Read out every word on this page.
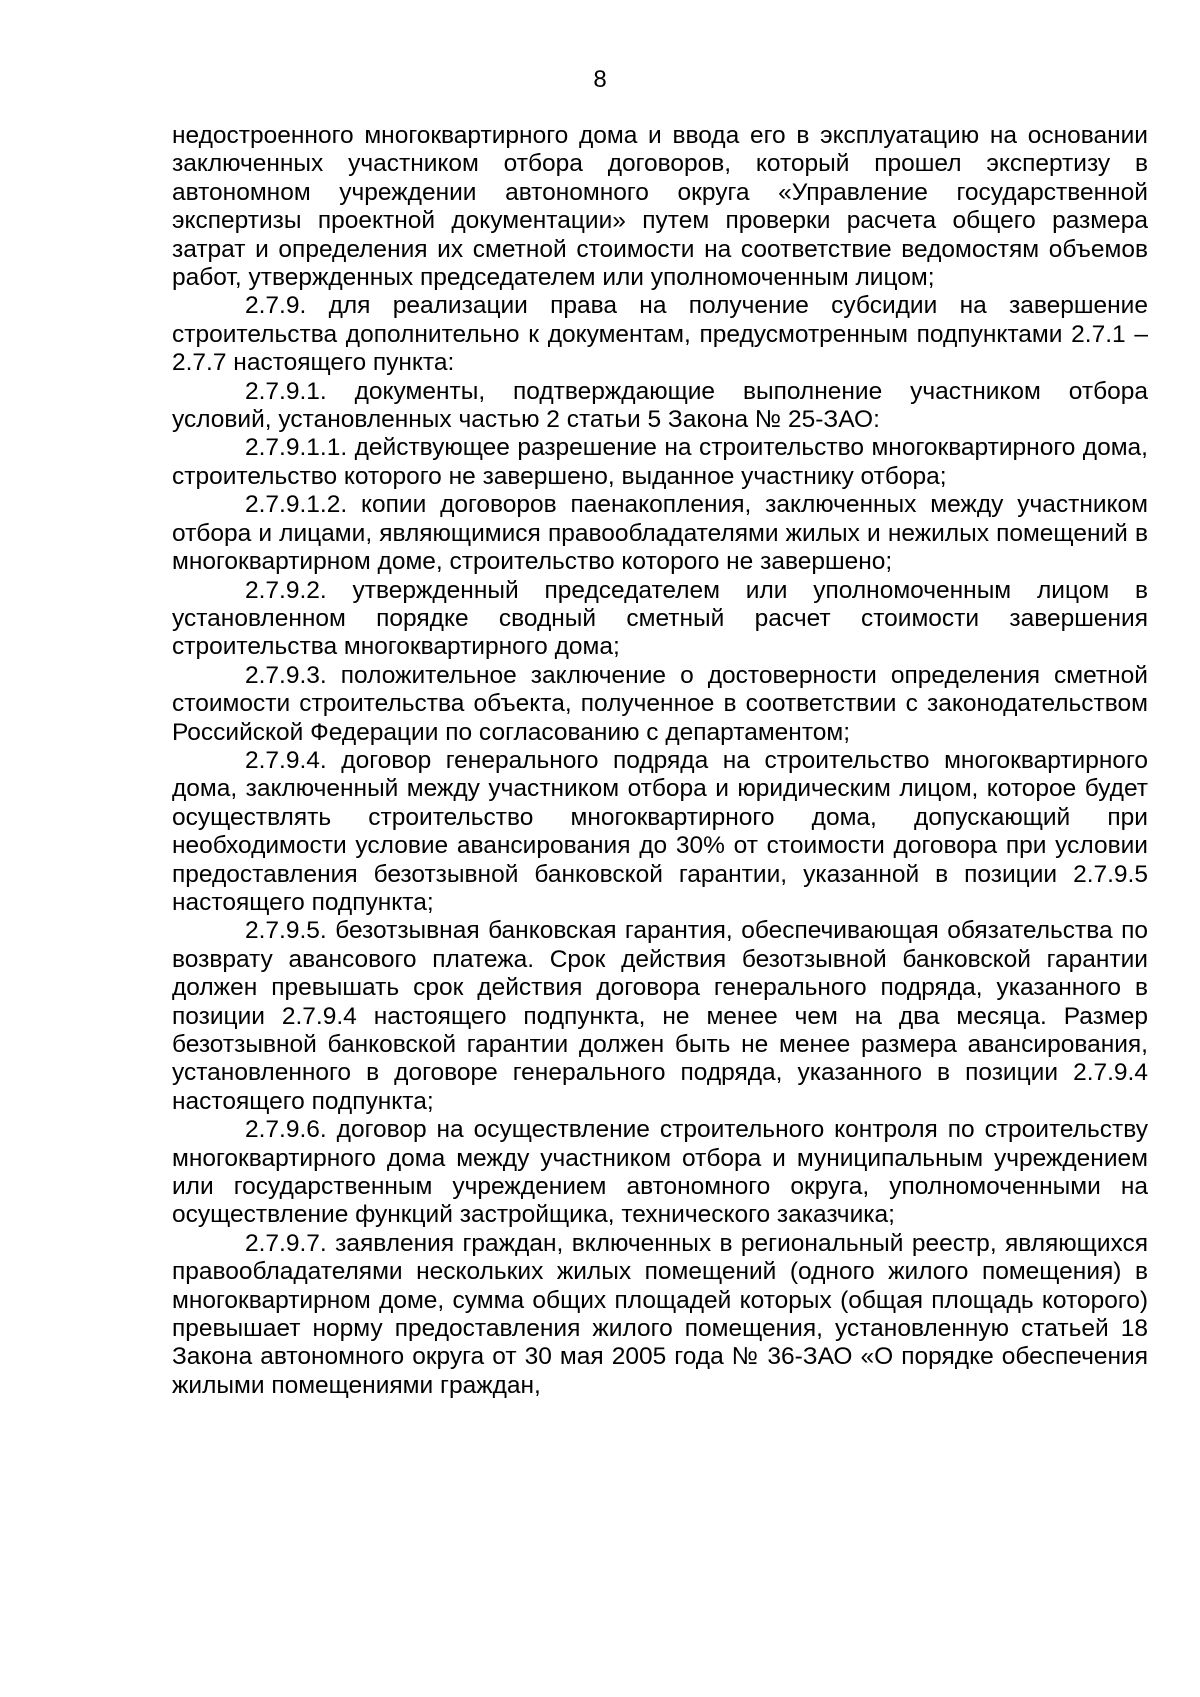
8

недостроенного многоквартирного дома и ввода его в эксплуатацию на основании заключенных участником отбора договоров, который прошел экспертизу в автономном учреждении автономного округа «Управление государственной экспертизы проектной документации» путем проверки расчета общего размера затрат и определения их сметной стоимости на соответствие ведомостям объемов работ, утвержденных председателем или уполномоченным лицом;

2.7.9. для реализации права на получение субсидии на завершение строительства дополнительно к документам, предусмотренным подпунктами 2.7.1 – 2.7.7 настоящего пункта:

2.7.9.1. документы, подтверждающие выполнение участником отбора условий, установленных частью 2 статьи 5 Закона № 25-ЗАО:

2.7.9.1.1. действующее разрешение на строительство многоквартирного дома, строительство которого не завершено, выданное участнику отбора;

2.7.9.1.2. копии договоров паенакопления, заключенных между участником отбора и лицами, являющимися правообладателями жилых и нежилых помещений в многоквартирном доме, строительство которого не завершено;

2.7.9.2. утвержденный председателем или уполномоченным лицом в установленном порядке сводный сметный расчет стоимости завершения строительства многоквартирного дома;

2.7.9.3. положительное заключение о достоверности определения сметной стоимости строительства объекта, полученное в соответствии с законодательством Российской Федерации по согласованию с департаментом;

2.7.9.4. договор генерального подряда на строительство многоквартирного дома, заключенный между участником отбора и юридическим лицом, которое будет осуществлять строительство многоквартирного дома, допускающий при необходимости условие авансирования до 30% от стоимости договора при условии предоставления безотзывной банковской гарантии, указанной в позиции 2.7.9.5 настоящего подпункта;

2.7.9.5. безотзывная банковская гарантия, обеспечивающая обязательства по возврату авансового платежа. Срок действия безотзывной банковской гарантии должен превышать срок действия договора генерального подряда, указанного в позиции 2.7.9.4 настоящего подпункта, не менее чем на два месяца. Размер безотзывной банковской гарантии должен быть не менее размера авансирования, установленного в договоре генерального подряда, указанного в позиции 2.7.9.4 настоящего подпункта;

2.7.9.6. договор на осуществление строительного контроля по строительству многоквартирного дома между участником отбора и муниципальным учреждением или государственным учреждением автономного округа, уполномоченными на осуществление функций застройщика, технического заказчика;

2.7.9.7. заявления граждан, включенных в региональный реестр, являющихся правообладателями нескольких жилых помещений (одного жилого помещения) в многоквартирном доме, сумма общих площадей которых (общая площадь которого) превышает норму предоставления жилого помещения, установленную статьей 18 Закона автономного округа от 30 мая 2005 года № 36-ЗАО «О порядке обеспечения жилыми помещениями граждан,
